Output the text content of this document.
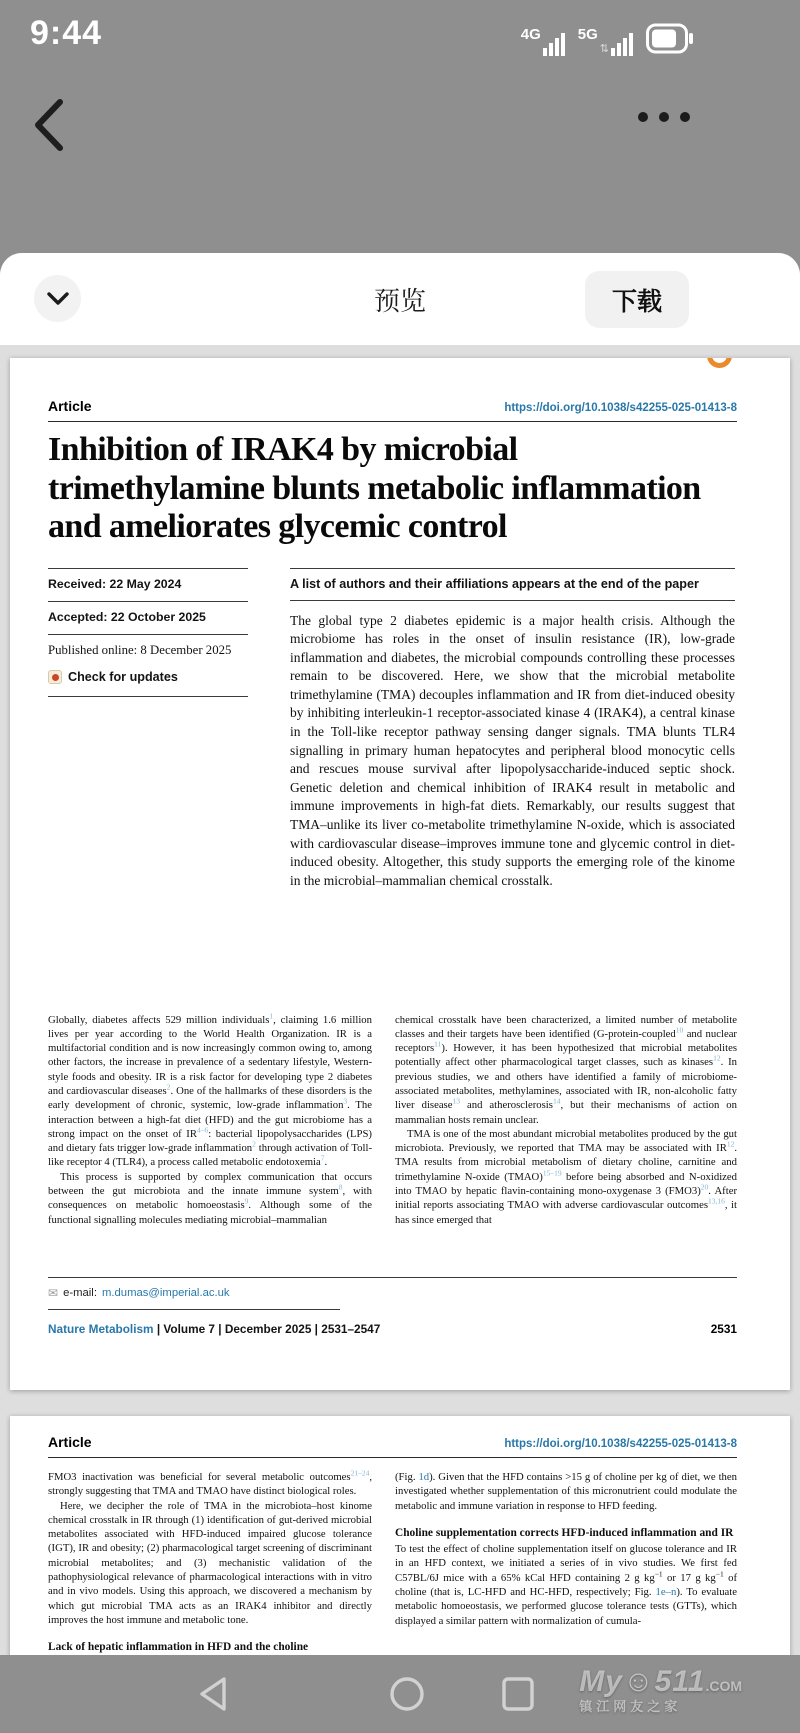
9:44	4G 5G
⇅
预览	下载
Article	https://doi.org/10.1038/s42255-025-01413-8
Inhibition of IRAK4 by microbial trimethylamine blunts metabolic inflammation and ameliorates glycemic control
Received: 22 May 2024
Accepted: 22 October 2025
Published online: 8 December 2025
Check for updates
A list of authors and their affiliations appears at the end of the paper

The global type 2 diabetes epidemic is a major health crisis. Although the microbiome has roles in the onset of insulin resistance (IR), low-grade inflammation and diabetes, the microbial compounds controlling these processes remain to be discovered. Here, we show that the microbial metabolite trimethylamine (TMA) decouples inflammation and IR from diet-induced obesity by inhibiting interleukin-1 receptor-associated kinase 4 (IRAK4), a central kinase in the Toll-like receptor pathway sensing danger signals. TMA blunts TLR4 signalling in primary human hepatocytes and peripheral blood monocytic cells and rescues mouse survival after lipopolysaccharide-induced septic shock. Genetic deletion and chemical inhibition of IRAK4 result in metabolic and immune improvements in high-fat diets. Remarkably, our results suggest that TMA–unlike its liver co-metabolite trimethylamine N-oxide, which is associated with cardiovascular disease–improves immune tone and glycemic control in diet-induced obesity. Altogether, this study supports the emerging role of the kinome in the microbial–mammalian chemical crosstalk.

Globally, diabetes affects 529 million individuals$^1$, claiming 1.6 million lives per year according to the World Health Organization. IR is a multifactorial condition and is now increasingly common owing to, among other factors, the increase in prevalence of a sedentary lifestyle, Western-style foods and obesity. IR is a risk factor for developing type 2 diabetes and cardiovascular diseases$^2$. One of the hallmarks of these disorders is the early development of chronic, systemic, low-grade inflammation$^3$. The interaction between a high-fat diet (HFD) and the gut microbiome has a strong impact on the onset of IR$^{4-6}$: bacterial lipopolysaccharides (LPS) and dietary fats trigger low-grade inflammation$^2$ through activation of Toll-like receptor 4 (TLR4), a process called metabolic endotoxemia$^7$.

This process is supported by complex communication that occurs between the gut microbiota and the innate immune system$^8$, with consequences on metabolic homoeostasis$^9$. Although some of the functional signalling molecules mediating microbial–mammalian

chemical crosstalk have been characterized, a limited number of metabolite classes and their targets have been identified (G-protein-coupled$^{10}$ and nuclear receptors$^{11}$). However, it has been hypothesized that microbial metabolites potentially affect other pharmacological target classes, such as kinases$^{12}$. In previous studies, we and others have identified a family of microbiome-associated metabolites, methylamines, associated with IR, non-alcoholic fatty liver disease$^{13}$ and atherosclerosis$^{14}$, but their mechanisms of action on mammalian hosts remain unclear.

TMA is one of the most abundant microbial metabolites produced by the gut microbiota. Previously, we reported that TMA may be associated with IR$^{12}$. TMA results from microbial metabolism of dietary choline, carnitine and trimethylamine N-oxide (TMAO)$^{15-19}$ before being absorbed and N-oxidized into TMAO by hepatic flavin-containing mono-oxygenase 3 (FMO3)$^{20}$. After initial reports associating TMAO with adverse cardiovascular outcomes$^{13,16}$, it has since emerged that

✉ e-mail: m.dumas@imperial.ac.uk
Nature Metabolism | Volume 7 | December 2025 | 2531–2547	2531
Article	https://doi.org/10.1038/s42255-025-01413-8

FMO3 inactivation was beneficial for several metabolic outcomes$^{21-24}$, strongly suggesting that TMA and TMAO have distinct biological roles.

Here, we decipher the role of TMA in the microbiota–host kinome chemical crosstalk in IR through (1) identification of gut-derived microbial metabolites associated with HFD-induced impaired glucose tolerance (IGT), IR and obesity; (2) pharmacological target screening of discriminant microbial metabolites; and (3) mechanistic validation of the pathophysiological relevance of pharmacological interactions with in vitro and in vivo models. Using this approach, we discovered a mechanism by which gut microbial TMA acts as an IRAK4 inhibitor and directly improves the host immune and metabolic tone.

Lack of hepatic inflammation in HFD and the choline

(Fig. 1d). Given that the HFD contains >15 g of choline per kg of diet, we then investigated whether supplementation of this micronutrient could modulate the metabolic and immune variation in response to HFD feeding.

Choline supplementation corrects HFD-induced inflammation and IR

To test the effect of choline supplementation itself on glucose tolerance and IR in an HFD context, we initiated a series of in vivo studies. We first fed C57BL/6J mice with a 65% kCal HFD containing 2 g $kg^{-1}$ or 17 g $kg^{-1}$ of choline (that is, LC-HFD and HC-HFD, respectively; Fig. 1e–n). To evaluate metabolic homoeostasis, we performed glucose tolerance tests (GTTs), which displayed a similar pattern with normalization of cumula-

My☺511.COM
镇江网友之家
